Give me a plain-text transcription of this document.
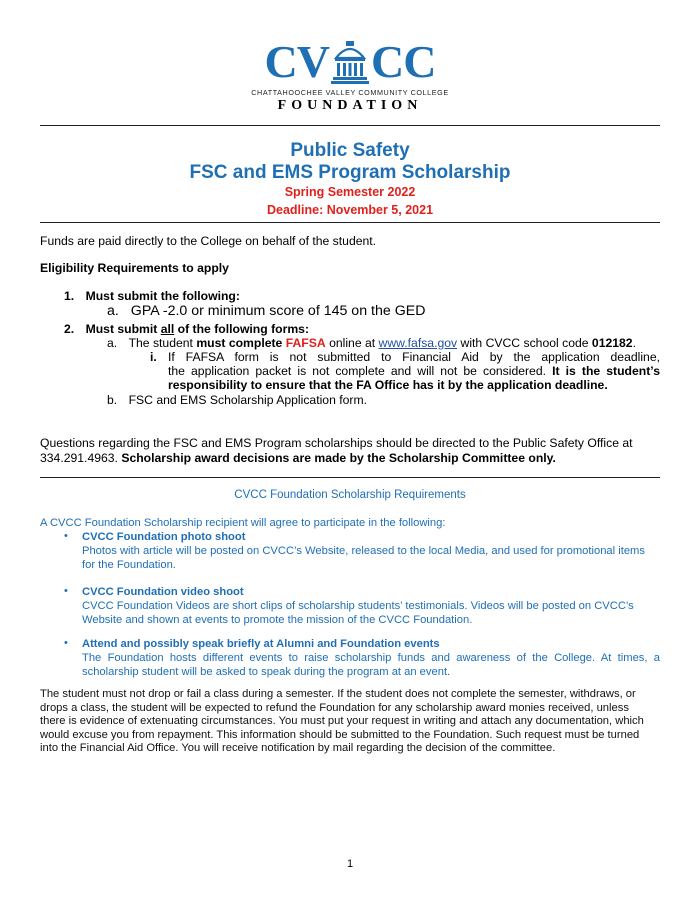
CV CC
CHATTAHOOCHEE VALLEY COMMUNITY COLLEGE
FOUNDATION
Public Safety
FSC and EMS Program Scholarship
Spring Semester 2022
Deadline: November 5, 2021
Funds are paid directly to the College on behalf of the student.
Eligibility Requirements to apply
1. Must submit the following:
a. GPA -2.0 or minimum score of 145 on the GED
2. Must submit all of the following forms:
a. The student must complete FAFSA online at www.fafsa.gov with CVCC school code 012182.
i. If FAFSA form is not submitted to Financial Aid by the application deadline,
the application packet is not complete and will not be considered. It is the student’s
responsibility to ensure that the FA Office has it by the application deadline.
b. FSC and EMS Scholarship Application form.
Questions regarding the FSC and EMS Program scholarships should be directed to the Public Safety Office at
334.291.4963. Scholarship award decisions are made by the Scholarship Committee only.
CVCC Foundation Scholarship Requirements
A CVCC Foundation Scholarship recipient will agree to participate in the following:
• CVCC Foundation photo shoot
Photos with article will be posted on CVCC’s Website, released to the local Media, and used for promotional items
for the Foundation.
• CVCC Foundation video shoot
CVCC Foundation Videos are short clips of scholarship students’ testimonials. Videos will be posted on CVCC’s
Website and shown at events to promote the mission of the CVCC Foundation.
• Attend and possibly speak briefly at Alumni and Foundation events
The Foundation hosts different events to raise scholarship funds and awareness of the College. At times, a
scholarship student will be asked to speak during the program at an event.
The student must not drop or fail a class during a semester. If the student does not complete the semester, withdraws, or
drops a class, the student will be expected to refund the Foundation for any scholarship award monies received, unless
there is evidence of extenuating circumstances. You must put your request in writing and attach any documentation, which
would excuse you from repayment. This information should be submitted to the Foundation. Such request must be turned
into the Financial Aid Office. You will receive notification by mail regarding the decision of the committee.
1
